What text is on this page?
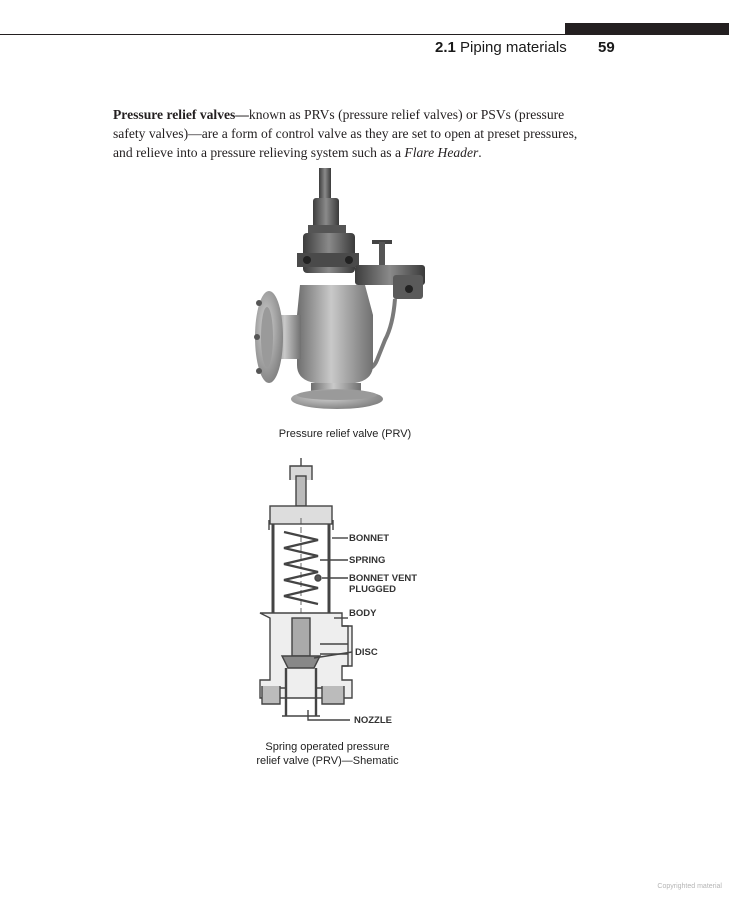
2.1 Piping materials 59
Pressure relief valves—known as PRVs (pressure relief valves) or PSVs (pressure safety valves)—are a form of control valve as they are set to open at preset pressures, and relieve into a pressure relieving system such as a Flare Header.
Pressure relief valve (PRV)
BONNET
SPRING
BONNET VENT
PLUGGED
BODY
DISC
NOZZLE
Spring operated pressure
relief valve (PRV)—Shematic
Copyrighted material
